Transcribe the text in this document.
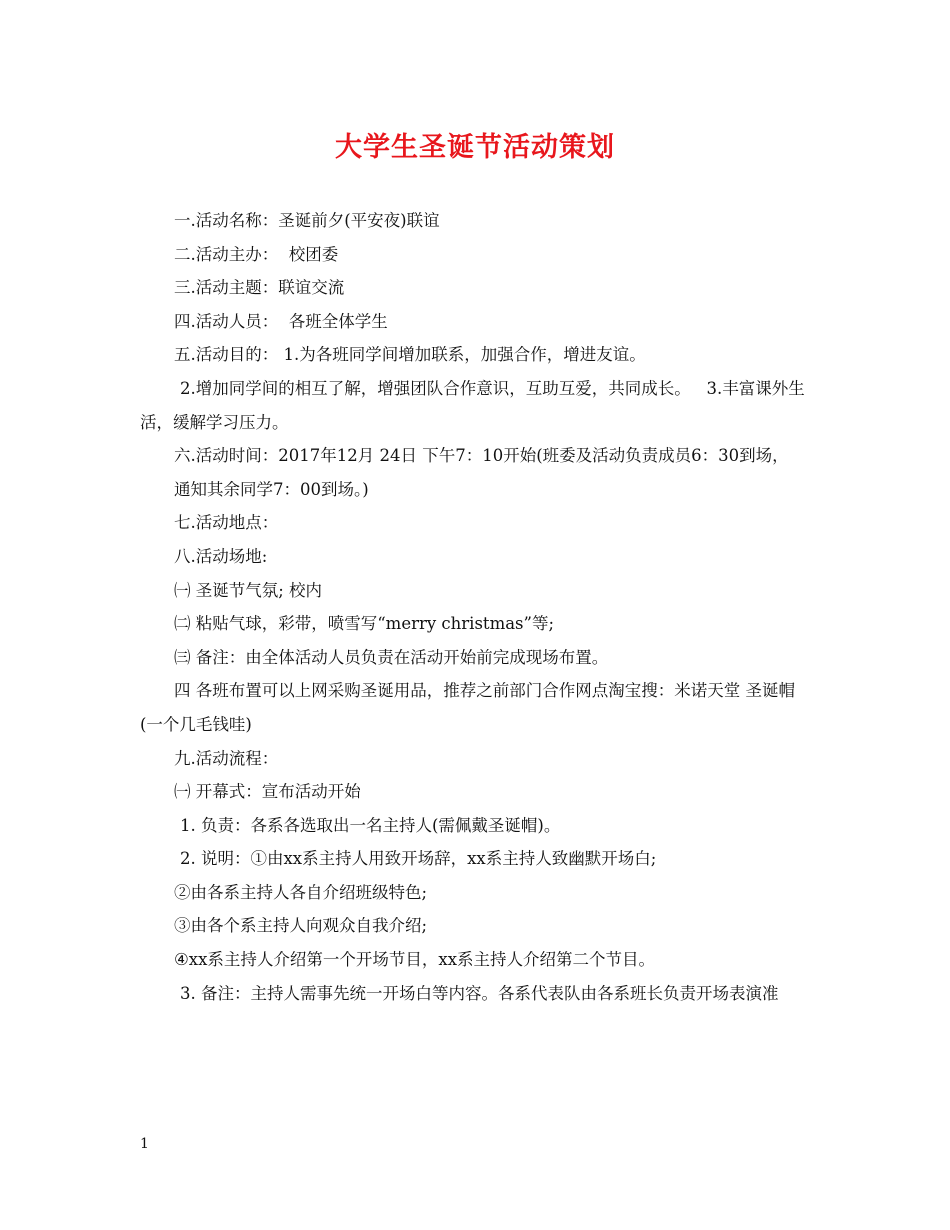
大学生圣诞节活动策划

一.活动名称：圣诞前夕(平安夜)联谊

二.活动主办：  校团委

三.活动主题：联谊交流

四.活动人员：  各班全体学生

五.活动目的： 1.为各班同学间增加联系，加强合作，增进友谊。

2.增加同学间的相互了解，增强团队合作意识，互助互爱，共同成长。   3.丰富课外生活，缓解学习压力。

六.活动时间：2017年12月 24日 下午7：10开始(班委及活动负责成员6：30到场，

通知其余同学7：00到场。)

七.活动地点：

八.活动场地:

㈠ 圣诞节气氛; 校内

㈡ 粘贴气球，彩带，喷雪写“merry christmas”等;

㈢ 备注：由全体活动人员负责在活动开始前完成现场布置。

四 各班布置可以上网采购圣诞用品，推荐之前部门合作网点淘宝搜：米诺天堂 圣诞帽(一个几毛钱哇)

九.活动流程：

㈠ 开幕式：宣布活动开始

1. 负责：各系各选取出一名主持人(需佩戴圣诞帽)。

2. 说明：①由xx系主持人用致开场辞，xx系主持人致幽默开场白;

②由各系主持人各自介绍班级特色;

③由各个系主持人向观众自我介绍;

④xx系主持人介绍第一个开场节目，xx系主持人介绍第二个节目。

3. 备注：主持人需事先统一开场白等内容。各系代表队由各系班长负责开场表演准

1
